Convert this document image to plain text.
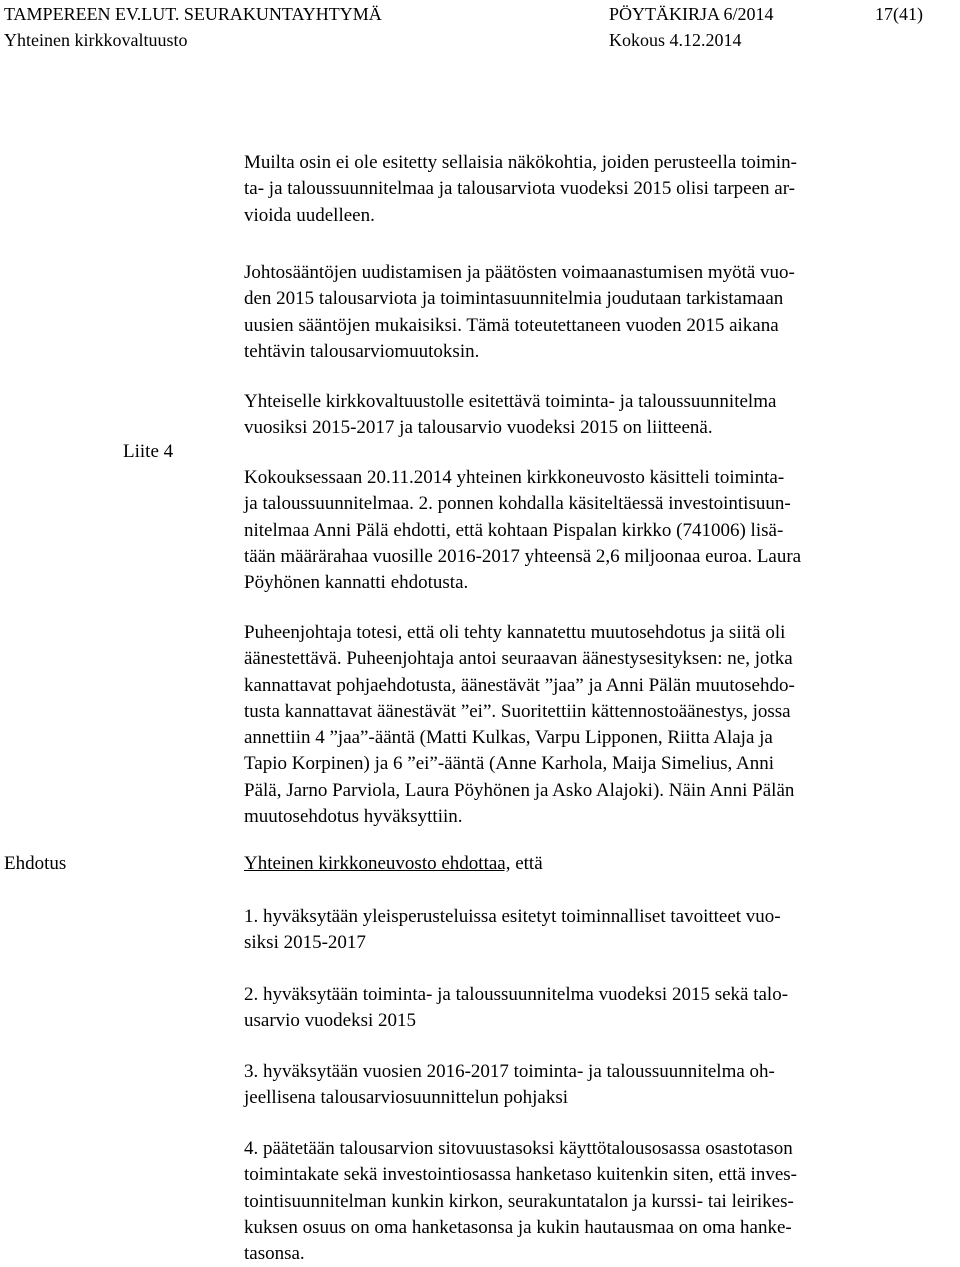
TAMPEREEN EV.LUT. SEURAKUNTAYHTYMÄ	PÖYTÄKIRJA 6/2014	17(41)
Yhteinen kirkkovaltuusto	Kokous 4.12.2014
Muilta osin ei ole esitetty sellaisia näkökohtia, joiden perusteella toimin-
ta- ja taloussuunnitelmaa ja talousarviota vuodeksi 2015 olisi tarpeen ar-
vioida uudelleen.
Johtosääntöjen uudistamisen ja päätösten voimaanastumisen myötä vuo-
den 2015 talousarviota ja toimintasuunnitelmia joudutaan tarkistamaan
uusien sääntöjen mukaisiksi. Tämä toteutettaneen vuoden 2015 aikana
tehtävin talousarviomuutoksin.
Liite 4
Yhteiselle kirkkovaltuustolle esitettävä toiminta- ja taloussuunnitelma
vuosiksi 2015-2017 ja talousarvio vuodeksi 2015 on liitteenä.
Kokouksessaan 20.11.2014 yhteinen kirkkoneuvosto käsitteli toiminta-
ja taloussuunnitelmaa. 2. ponnen kohdalla käsiteltäessä investointisuun-
nitelmaa Anni Pälä ehdotti, että kohtaan Pispalan kirkko (741006) lisä-
tään määrärahaa vuosille 2016-2017 yhteensä 2,6 miljoonaa euroa. Laura
Pöyhönen kannatti ehdotusta.
Puheenjohtaja totesi, että oli tehty kannatettu muutosehdotus ja siitä oli
äänestettävä. Puheenjohtaja antoi seuraavan äänestysesityksen: ne, jotka
kannattavat pohjaehdotusta, äänestävät ”jaa” ja Anni Pälän muutosehdo-
tusta kannattavat äänestävät ”ei”. Suoritettiin kättennostoäänestys, jossa
annettiin 4 ”jaa”-ääntä (Matti Kulkas, Varpu Lipponen, Riitta Alaja ja
Tapio Korpinen) ja 6 ”ei”-ääntä (Anne Karhola, Maija Simelius, Anni
Pälä, Jarno Parviola, Laura Pöyhönen ja Asko Alajoki). Näin Anni Pälän
muutosehdotus hyväksyttiin.
Ehdotus	Yhteinen kirkkoneuvosto ehdottaa, että
1. hyväksytään yleisperusteluissa esitetyt toiminnalliset tavoitteet vuo-
siksi 2015-2017
2. hyväksytään toiminta- ja taloussuunnitelma vuodeksi 2015 sekä talo-
usarvio vuodeksi 2015
3. hyväksytään vuosien 2016-2017 toiminta- ja taloussuunnitelma oh-
jeellisena talousarviosuunnittelun pohjaksi
4. päätetään talousarvion sitovuustasoksi käyttötalousosassa osastotason
toimintakate sekä investointiosassa hanketaso kuitenkin siten, että inves-
tointisuunnitelman kunkin kirkon, seurakuntatalon ja kurssi- tai leirikes-
kuksen osuus on oma hanketasonsa ja kukin hautausmaa on oma hanke-
tasonsa.
